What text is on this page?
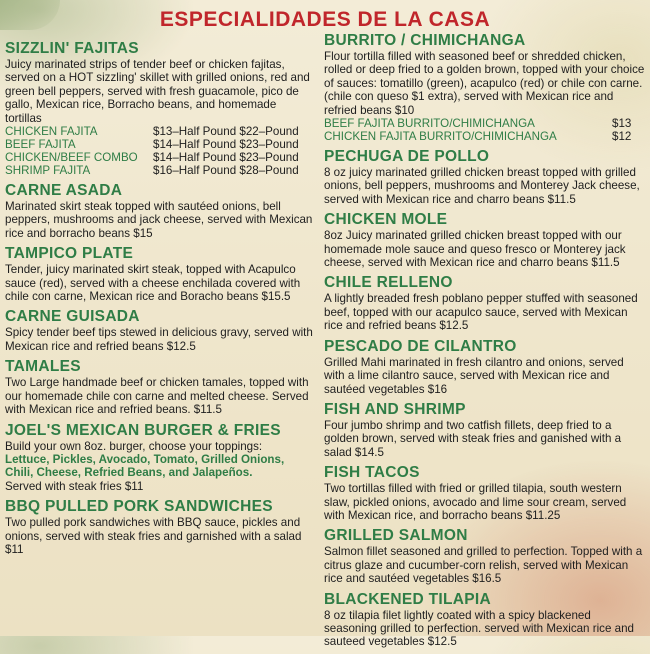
ESPECIALIDADES DE LA CASA
SIZZLIN' FAJITAS
Juicy marinated strips of tender beef or chicken fajitas, served on a HOT sizzling' skillet with grilled onions, red and green bell peppers, served with fresh guacamole, pico de gallo, Mexican rice, Borracho beans, and homemade tortillas
CHICKEN FAJITA	$13–Half Pound $22–Pound
BEEF FAJITA	$14–Half Pound $23–Pound
CHICKEN/BEEF COMBO	$14–Half Pound $23–Pound
SHRIMP FAJITA	$16–Half Pound $28–Pound
CARNE ASADA
Marinated skirt steak topped with sautéed onions, bell peppers, mushrooms and jack cheese, served with Mexican rice and borracho beans $15
TAMPICO PLATE
Tender, juicy marinated skirt steak, topped with Acapulco sauce (red), served with a cheese enchilada covered with chile con carne, Mexican rice and Boracho beans $15.5
CARNE GUISADA
Spicy tender beef tips stewed in delicious gravy, served with Mexican rice and refried beans $12.5
TAMALES
Two Large handmade beef or chicken tamales, topped with our homemade chile con carne and melted cheese. Served with Mexican rice and refried beans. $11.5
JOEL'S MEXICAN BURGER & FRIES
Build your own 8oz. burger, choose your toppings:
Lettuce, Pickles, Avocado, Tomato, Grilled Onions, Chili, Cheese, Refried Beans, and Jalapeños.
Served with steak fries $11
BBQ PULLED PORK SANDWICHES
Two pulled pork sandwiches with BBQ sauce, pickles and onions, served with steak fries and garnished with a salad $11
BURRITO / CHIMICHANGA
Flour tortilla filled with seasoned beef or shredded chicken, rolled or deep fried to a golden brown, topped with your choice of sauces: tomatillo (green), acapulco (red) or chile con carne. (chile con queso $1 extra), served with Mexican rice and refried beans $10
BEEF FAJITA BURRITO/CHIMICHANGA	$13
CHICKEN FAJITA BURRITO/CHIMICHANGA	$12
PECHUGA DE POLLO
8 oz juicy marinated grilled chicken breast topped with grilled onions, bell peppers, mushrooms and Monterey Jack cheese, served with Mexican rice and charro beans $11.5
CHICKEN MOLE
8oz Juicy marinated grilled chicken breast topped with our homemade mole sauce and queso fresco or Monterey jack cheese, served with Mexican rice and charro beans $11.5
CHILE RELLENO
A lightly breaded fresh poblano pepper stuffed with seasoned beef, topped with our acapulco sauce, served with Mexican rice and refried beans $12.5
PESCADO DE CILANTRO
Grilled Mahi marinated in fresh cilantro and onions, served with a lime cilantro sauce, served with Mexican rice and sautéed vegetables $16
FISH AND SHRIMP
Four jumbo shrimp and two catfish fillets, deep fried to a golden brown, served with steak fries and ganished with a salad $14.5
FISH TACOS
Two tortillas filled with fried or grilled tilapia, south western slaw, pickled onions, avocado and lime sour cream, served with Mexican rice, and borracho beans $11.25
GRILLED SALMON
Salmon fillet seasoned and grilled to perfection. Topped with a citrus glaze and cucumber-corn relish, served with Mexican rice and sautéed vegetables $16.5
BLACKENED TILAPIA
8 oz tilapia filet lightly coated with a spicy blackened seasoning grilled to perfection. served with Mexican rice and sauteed vegetables $12.5
